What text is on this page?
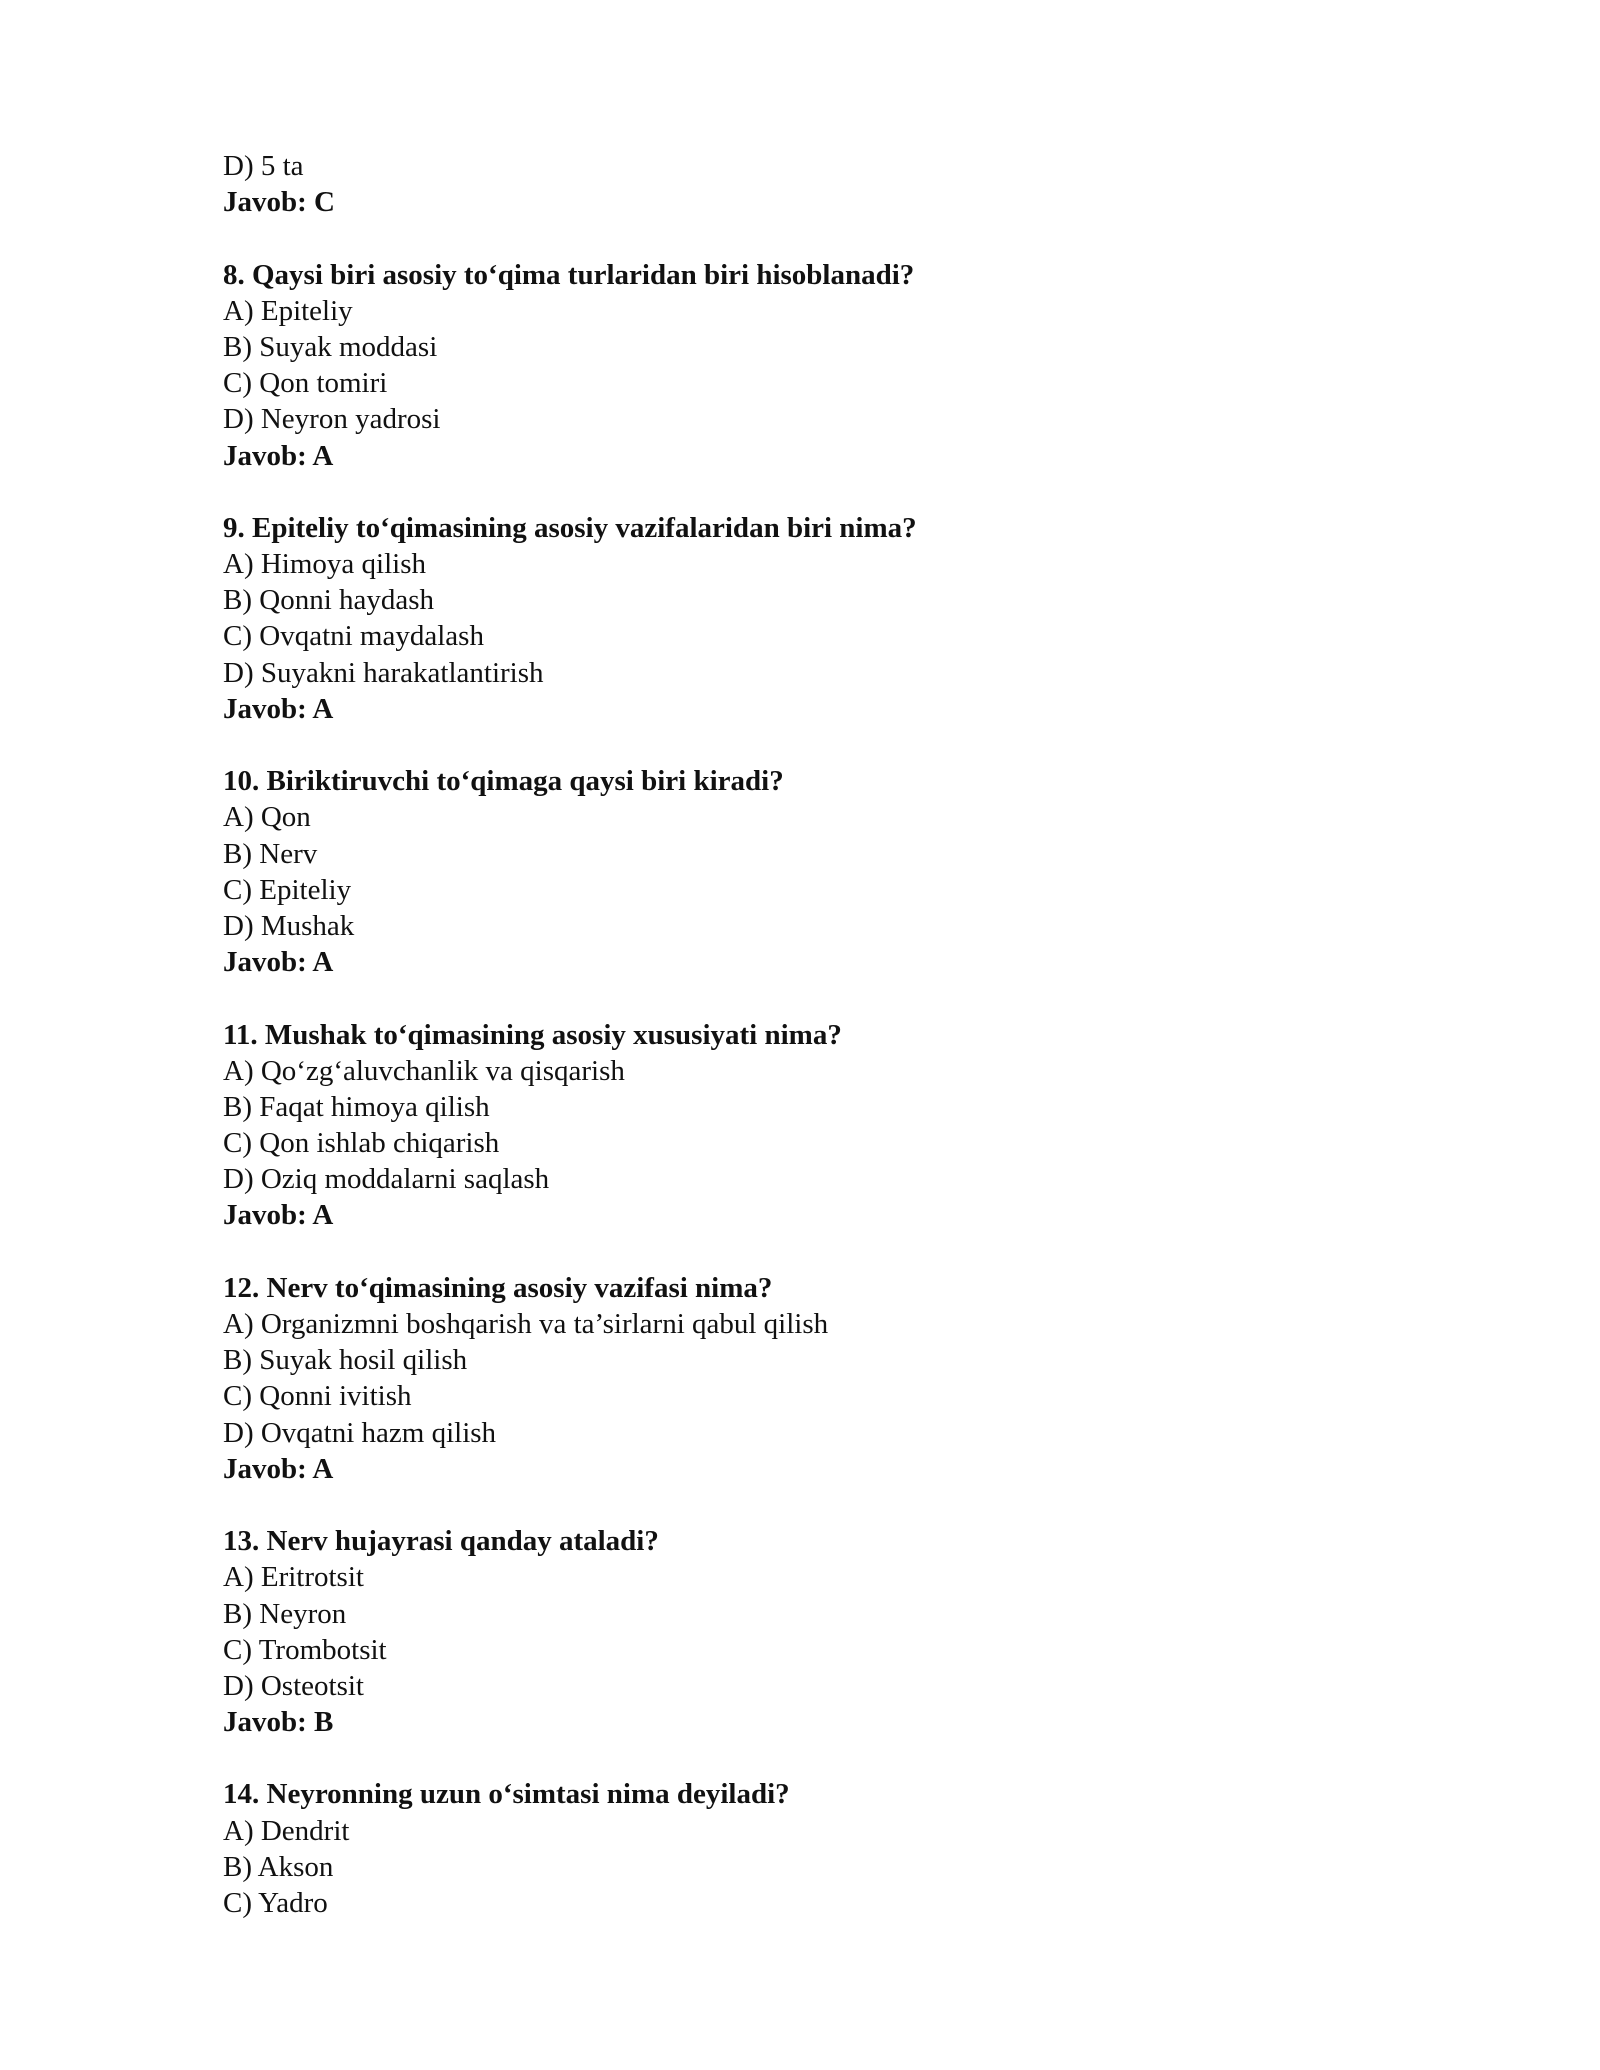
D) 5 ta
Javob: C
8. Qaysi biri asosiy to‘qima turlaridan biri hisoblanadi?
A) Epiteliy
B) Suyak moddasi
C) Qon tomiri
D) Neyron yadrosi
Javob: A
9. Epiteliy to‘qimasining asosiy vazifalaridan biri nima?
A) Himoya qilish
B) Qonni haydash
C) Ovqatni maydalash
D) Suyakni harakatlantirish
Javob: A
10. Biriktiruvchi to‘qimaga qaysi biri kiradi?
A) Qon
B) Nerv
C) Epiteliy
D) Mushak
Javob: A
11. Mushak to‘qimasining asosiy xususiyati nima?
A) Qo‘zg‘aluvchanlik va qisqarish
B) Faqat himoya qilish
C) Qon ishlab chiqarish
D) Oziq moddalarni saqlash
Javob: A
12. Nerv to‘qimasining asosiy vazifasi nima?
A) Organizmni boshqarish va ta’sirlarni qabul qilish
B) Suyak hosil qilish
C) Qonni ivitish
D) Ovqatni hazm qilish
Javob: A
13. Nerv hujayrasi qanday ataladi?
A) Eritrotsit
B) Neyron
C) Trombotsit
D) Osteotsit
Javob: B
14. Neyronning uzun o‘simtasi nima deyiladi?
A) Dendrit
B) Akson
C) Yadro
